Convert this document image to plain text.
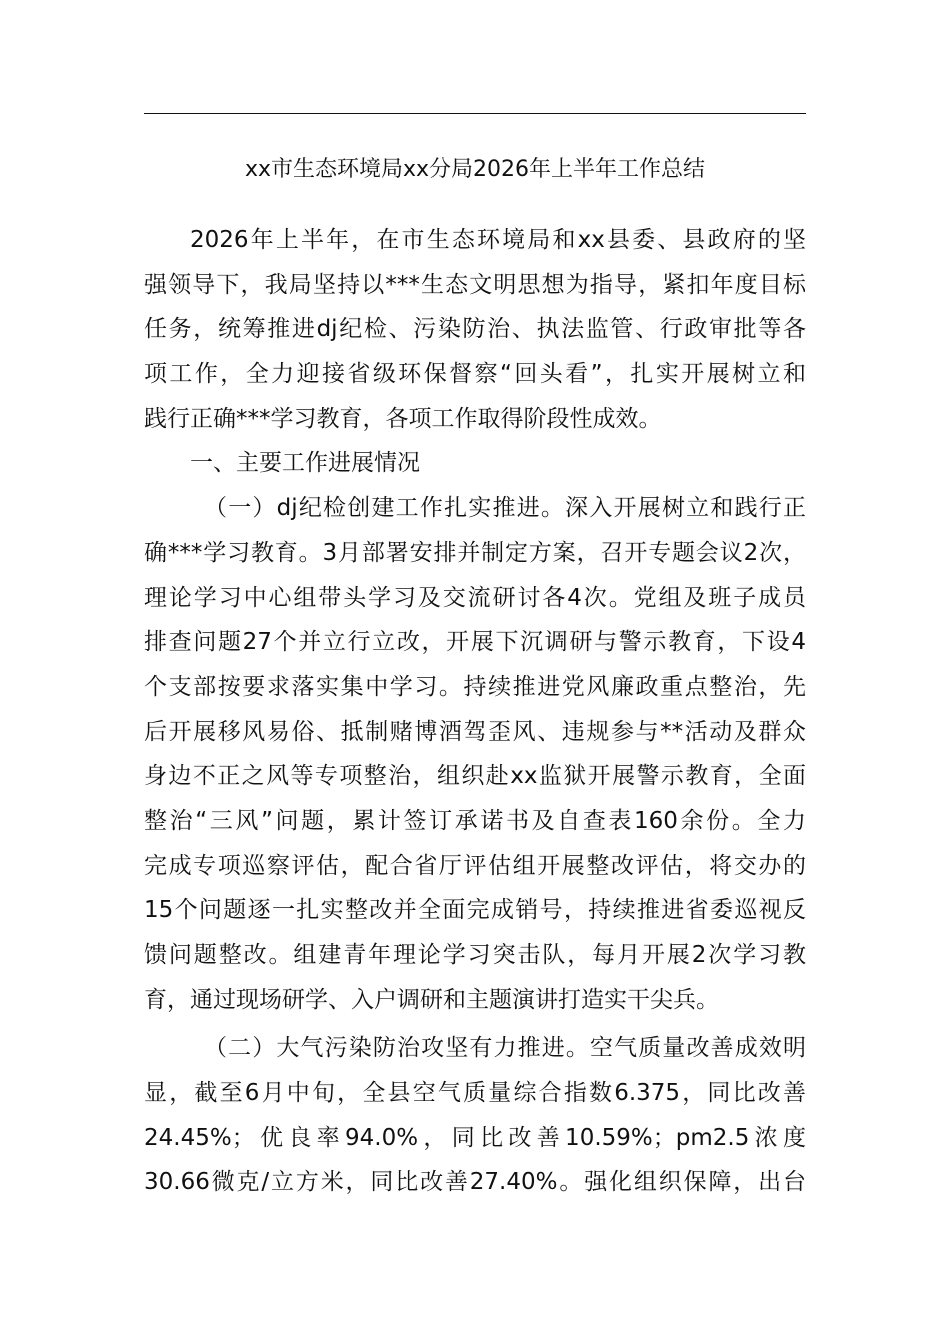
xx市生态环境局xx分局2026年上半年工作总结
2026年上半年，在市生态环境局和xx县委、县政府的坚
强领导下，我局坚持以***生态文明思想为指导，紧扣年度目标
任务，统筹推进dj纪检、污染防治、执法监管、行政审批等各
项工作，全力迎接省级环保督察“回头看”，扎实开展树立和
践行正确***学习教育，各项工作取得阶段性成效。
一、主要工作进展情况
（一）dj纪检创建工作扎实推进。深入开展树立和践行正
确***学习教育。3月部署安排并制定方案，召开专题会议2次，
理论学习中心组带头学习及交流研讨各4次。党组及班子成员
排查问题27个并立行立改，开展下沉调研与警示教育，下设4
个支部按要求落实集中学习。持续推进党风廉政重点整治，先
后开展移风易俗、抵制赌博酒驾歪风、违规参与**活动及群众
身边不正之风等专项整治，组织赴xx监狱开展警示教育，全面
整治“三风”问题，累计签订承诺书及自查表160余份。全力
完成专项巡察评估，配合省厅评估组开展整改评估，将交办的
15个问题逐一扎实整改并全面完成销号，持续推进省委巡视反
馈问题整改。组建青年理论学习突击队，每月开展2次学习教
育，通过现场研学、入户调研和主题演讲打造实干尖兵。
（二）大气污染防治攻坚有力推进。空气质量改善成效明
显，截至6月中旬，全县空气质量综合指数6.375，同比改善
24.45%；优良率94.0%，同比改善10.59%；pm2.5浓度
30.66微克/立方米，同比改善27.40%。强化组织保障，出台
